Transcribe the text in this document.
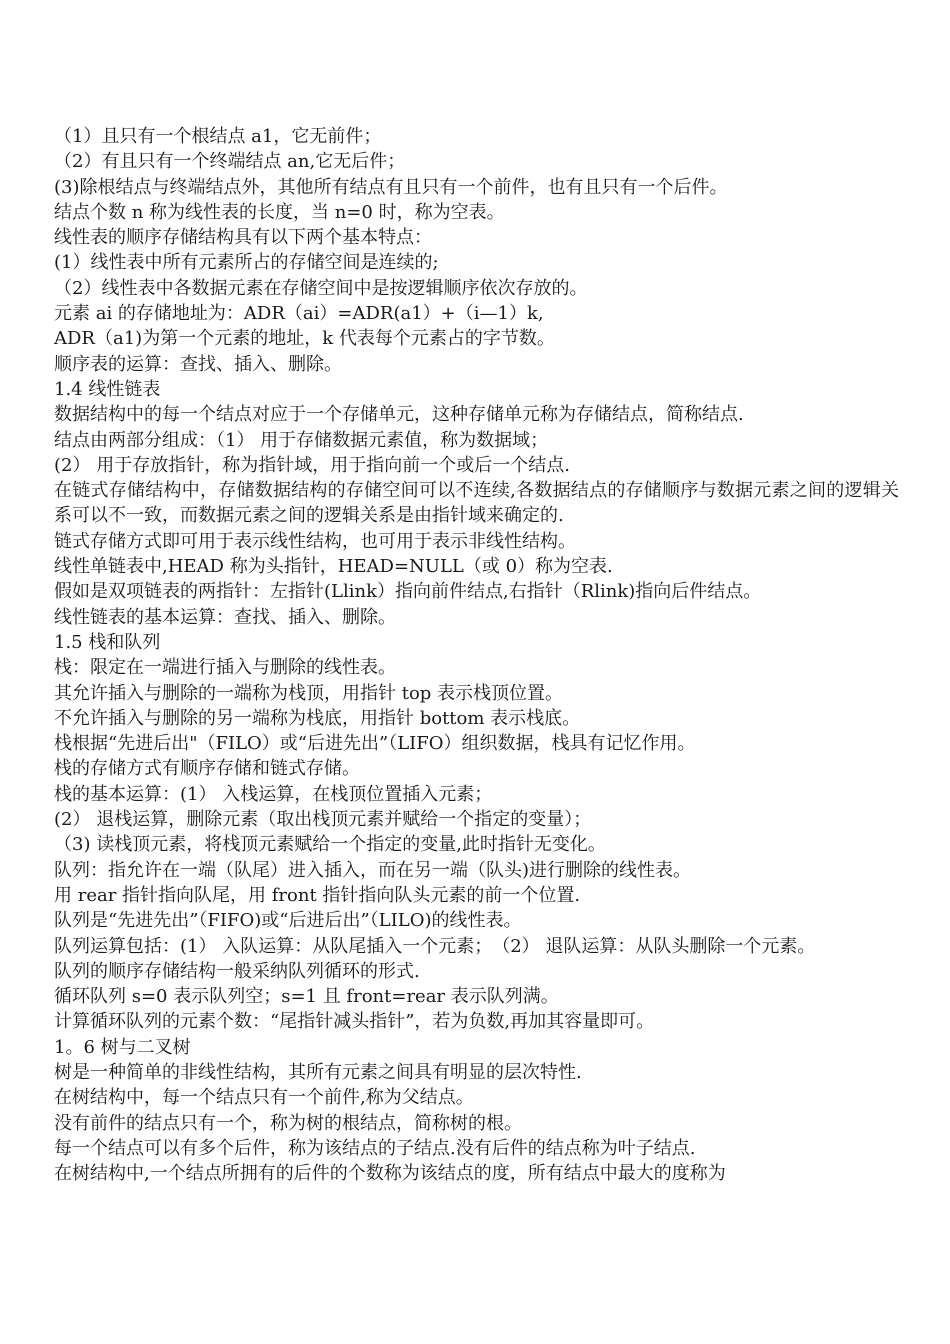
（1）且只有一个根结点 a1，它无前件；

（2）有且只有一个终端结点 an,它无后件；

(3)除根结点与终端结点外，其他所有结点有且只有一个前件，也有且只有一个后件。

结点个数 n 称为线性表的长度，当 n=0 时，称为空表。

线性表的顺序存储结构具有以下两个基本特点：

(1）线性表中所有元素所占的存储空间是连续的;

（2）线性表中各数据元素在存储空间中是按逻辑顺序依次存放的。

元素 ai 的存储地址为：ADR（ai）=ADR(a1）+（i—1）k,

ADR（a1)为第一个元素的地址，k 代表每个元素占的字节数。

顺序表的运算：查找、插入、删除。

1.4 线性链表

数据结构中的每一个结点对应于一个存储单元，这种存储单元称为存储结点，简称结点.

结点由两部分组成：（1） 用于存储数据元素值，称为数据域；

(2） 用于存放指针，称为指针域，用于指向前一个或后一个结点.

在链式存储结构中，存储数据结构的存储空间可以不连续,各数据结点的存储顺序与数据元素之间的逻辑关系可以不一致，而数据元素之间的逻辑关系是由指针域来确定的.

链式存储方式即可用于表示线性结构，也可用于表示非线性结构。

线性单链表中,HEAD 称为头指针，HEAD=NULL（或 0）称为空表.

假如是双项链表的两指针：左指针(Llink）指向前件结点,右指针（Rlink)指向后件结点。

线性链表的基本运算：查找、插入、删除。

1.5 栈和队列

栈：限定在一端进行插入与删除的线性表。

其允许插入与删除的一端称为栈顶，用指针 top 表示栈顶位置。

不允许插入与删除的另一端称为栈底，用指针 bottom 表示栈底。

栈根据“先进后出"（FILO）或“后进先出”（LIFO）组织数据，栈具有记忆作用。

栈的存储方式有顺序存储和链式存储。

栈的基本运算：(1） 入栈运算，在栈顶位置插入元素；

(2） 退栈运算，删除元素（取出栈顶元素并赋给一个指定的变量）；

（3) 读栈顶元素，将栈顶元素赋给一个指定的变量,此时指针无变化。

队列：指允许在一端（队尾）进入插入，而在另一端（队头)进行删除的线性表。

用 rear 指针指向队尾，用 front 指针指向队头元素的前一个位置.

队列是“先进先出”（FIFO)或“后进后出”（LILO)的线性表。

队列运算包括：(1） 入队运算：从队尾插入一个元素；　（2） 退队运算：从队头删除一个元素。

队列的顺序存储结构一般采纳队列循环的形式.

循环队列 s=0 表示队列空；s=1 且 front=rear 表示队列满。

计算循环队列的元素个数：“尾指针减头指针”，若为负数,再加其容量即可。

1。6 树与二叉树

树是一种简单的非线性结构，其所有元素之间具有明显的层次特性.

在树结构中，每一个结点只有一个前件,称为父结点。

没有前件的结点只有一个，称为树的根结点，简称树的根。

每一个结点可以有多个后件，称为该结点的子结点.没有后件的结点称为叶子结点.

在树结构中,一个结点所拥有的后件的个数称为该结点的度，所有结点中最大的度称为
